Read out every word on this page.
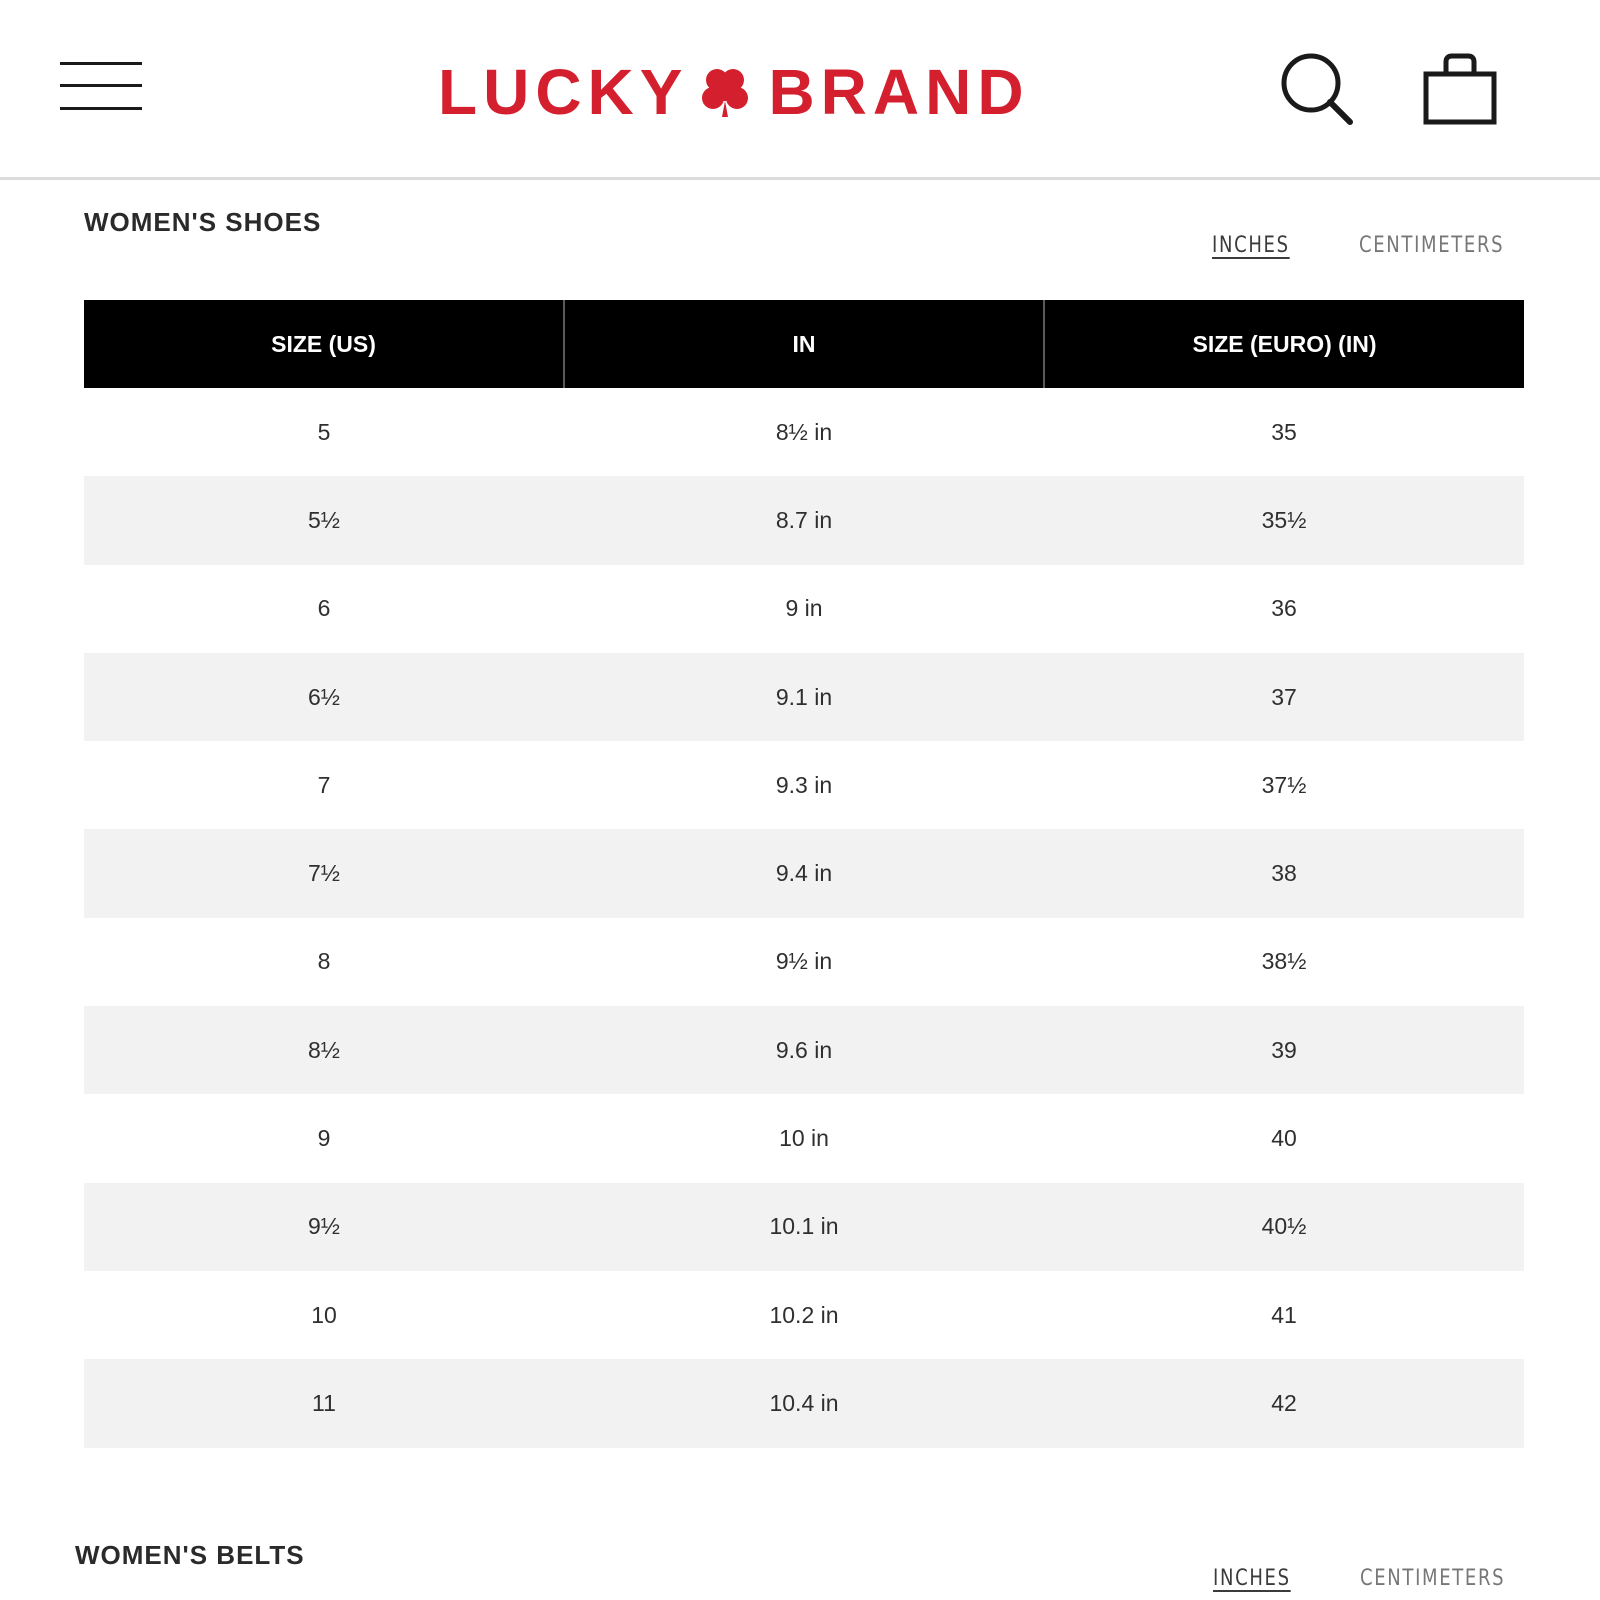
LUCKY BRAND
WOMEN'S SHOES
INCHES	CENTIMETERS
SIZE (US)	IN	SIZE (EURO) (IN)
5	8½ in	35
5½	8.7 in	35½
6	9 in	36
6½	9.1 in	37
7	9.3 in	37½
7½	9.4 in	38
8	9½ in	38½
8½	9.6 in	39
9	10 in	40
9½	10.1 in	40½
10	10.2 in	41
11	10.4 in	42
WOMEN'S BELTS
INCHES	CENTIMETERS
